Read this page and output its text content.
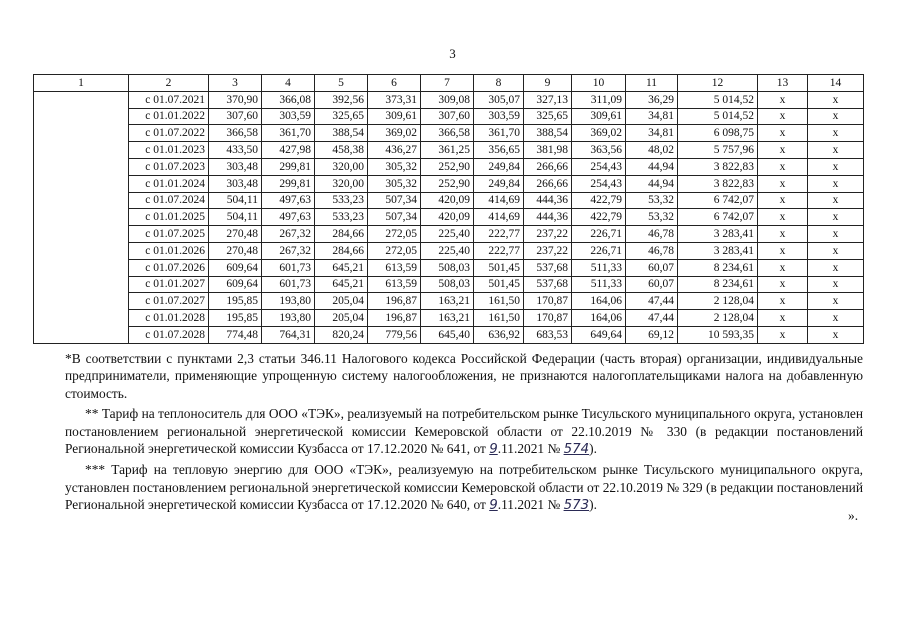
3
1	2	3	4	5	6	7	8	9	10	11	12	13	14
	с 01.07.2021	370,90	366,08	392,56	373,31	309,08	305,07	327,13	311,09	36,29	5 014,52	х	х
	с 01.01.2022	307,60	303,59	325,65	309,61	307,60	303,59	325,65	309,61	34,81	5 014,52	х	х
	с 01.07.2022	366,58	361,70	388,54	369,02	366,58	361,70	388,54	369,02	34,81	6 098,75	х	х
	с 01.01.2023	433,50	427,98	458,38	436,27	361,25	356,65	381,98	363,56	48,02	5 757,96	х	х
	с 01.07.2023	303,48	299,81	320,00	305,32	252,90	249,84	266,66	254,43	44,94	3 822,83	х	х
	с 01.01.2024	303,48	299,81	320,00	305,32	252,90	249,84	266,66	254,43	44,94	3 822,83	х	х
	с 01.07.2024	504,11	497,63	533,23	507,34	420,09	414,69	444,36	422,79	53,32	6 742,07	х	х
	с 01.01.2025	504,11	497,63	533,23	507,34	420,09	414,69	444,36	422,79	53,32	6 742,07	х	х
	с 01.07.2025	270,48	267,32	284,66	272,05	225,40	222,77	237,22	226,71	46,78	3 283,41	х	х
	с 01.01.2026	270,48	267,32	284,66	272,05	225,40	222,77	237,22	226,71	46,78	3 283,41	х	х
	с 01.07.2026	609,64	601,73	645,21	613,59	508,03	501,45	537,68	511,33	60,07	8 234,61	х	х
	с 01.01.2027	609,64	601,73	645,21	613,59	508,03	501,45	537,68	511,33	60,07	8 234,61	х	х
	с 01.07.2027	195,85	193,80	205,04	196,87	163,21	161,50	170,87	164,06	47,44	2 128,04	х	х
	с 01.01.2028	195,85	193,80	205,04	196,87	163,21	161,50	170,87	164,06	47,44	2 128,04	х	х
	с 01.07.2028	774,48	764,31	820,24	779,56	645,40	636,92	683,53	649,64	69,12	10 593,35	х	х

*В соответствии с пунктами 2,3 статьи 346.11 Налогового кодекса Российской Федерации (часть вторая) организации, индивидуальные предприниматели, применяющие упрощенную систему налогообложения, не признаются налогоплательщиками налога на добавленную стоимость.

** Тариф на теплоноситель для ООО «ТЭК», реализуемый на потребительском рынке Тисульского муниципального округа, установлен постановлением региональной энергетической комиссии Кемеровской области от 22.10.2019 № 330 (в редакции постановлений Региональной энергетической комиссии Кузбасса от 17.12.2020 № 641, от 9.11.2021 № 574).

*** Тариф на тепловую энергию для ООО «ТЭК», реализуемую на потребительском рынке Тисульского муниципального округа, установлен постановлением региональной энергетической комиссии Кемеровской области от 22.10.2019 № 329 (в редакции постановлений Региональной энергетической комиссии Кузбасса от 17.12.2020 № 640, от 9.11.2021 № 573).

».
